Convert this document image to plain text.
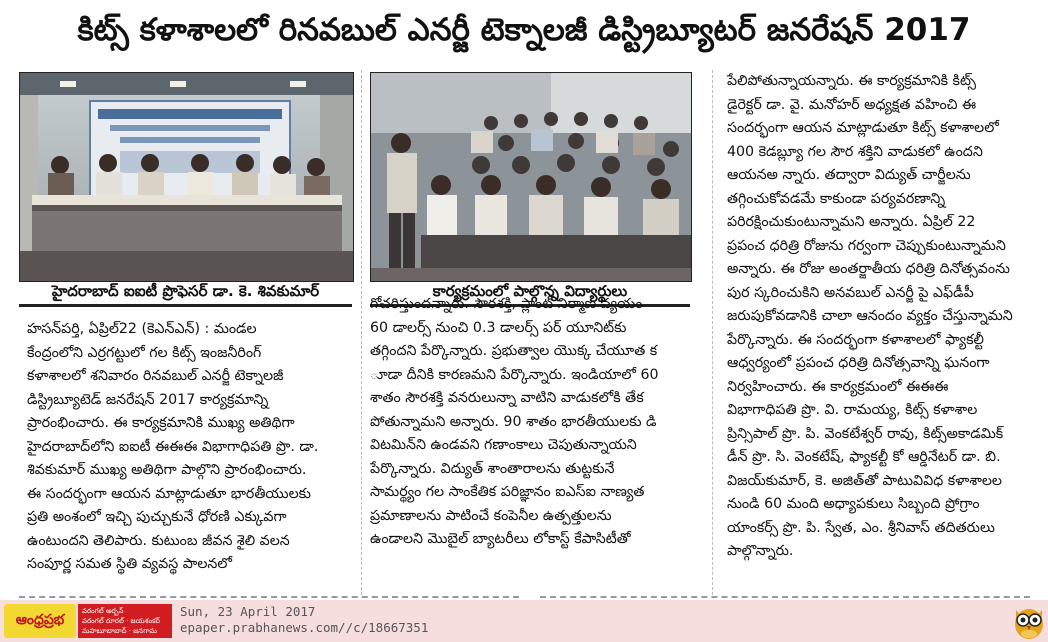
కిట్స్ కళాశాలలో రినవబుల్ ఎనర్జీ టెక్నాలజీ డిస్ట్రిబ్యూటర్ జనరేషన్ 2017
హైదరాబాద్ ఐఐటీ ప్రొఫెసర్ డా. కె. శివకుమార్	కార్యక్రమంలో పాల్గొన్న విద్యార్థులు
హసన్‌పర్తి, ఏప్రిల్22 (కెఎన్ఎన్) : మండల
కేంద్రంలోని ఎర్రగట్టులో గల కిట్స్ ఇంజనీరింగ్
కళాశాలలో శనివారం రినవబుల్ ఎనర్జీ టెక్నాలజీ
డిస్ట్రిబ్యూటెడ్ జనరేషన్ 2017 కార్యక్రమాన్ని
ప్రారంభించారు. ఈ కార్యక్రమానికి ముఖ్య అతిథిగా
హైదరాబాద్‌లోని ఐఐటీ ఈఈఈ విభాగాధిపతి ప్రొ. డా.
శివకుమార్ ముఖ్య అతిథిగా పాల్గొని ప్రారంభించారు.
ఈ సందర్భంగా ఆయన మాట్లాడుతూ భారతీయులకు
ప్రతి అంశంలో ఇచ్చి పుచ్చుకునే ధోరణి ఎక్కువగా
ఉంటుందని తెలిపారు. కుటుంబ జీవన శైలి వలన
సంపూర్ణ సమత స్థితి వ్యవస్థ పాలనలో
గోచరిస్తుందన్నారు. సౌరశక్తి, ప్లాంట్ నిర్మాణ వ్యయం
60 డాలర్స్ నుంచి 0.3 డాలర్స్ పర్ యూనిట్‌కు
తగ్గిందని పేర్కొన్నారు. ప్రభుత్వాల యొక్క చేయూత క
ూడా దీనికి కారణమని పేర్కొన్నారు. ఇండియాలో 60
శాతం సౌరశక్తి వనరులున్నా వాటిని వాడుకలోకి తేక
పోతున్నామని అన్నారు. 90 శాతం భారతీయులకు డి
విటమిన్‌ని ఉండవని గణాంకాలు చెపుతున్నాయని
పేర్కొన్నారు. విద్యుత్ శాంతారాలను తుట్టకునే
సామర్థ్యం గల సాంకేతిక పరిజ్ఞానం ఐఎస్ఐ నాణ్యత
ప్రమాణాలను పాటించే కంపెనీల ఉత్పత్తులను
ఉండాలని మొబైల్ బ్యాటరీలు లోకాస్ట్ కేపాసిటీతో
పేలిపోతున్నాయన్నారు. ఈ కార్యక్రమానికి కిట్స్
డైరెక్టర్ డా. వై. మనోహర్ అధ్యక్షత వహించి ఈ
సందర్భంగా ఆయన మాట్లాడుతూ కిట్స్ కళాశాలలో
400 కెడబ్ల్యూ గల సౌర శక్తిని వాడుకలో ఉందని
ఆయనఅ న్నారు. తద్వారా విద్యుత్ చార్జీలను
తగ్గించుకోవడమే కాకుండా పర్యవరణాన్ని
పరిరక్షించుకుంటున్నామని అన్నారు. ఏప్రిల్ 22
ప్రపంచ ధరిత్రి రోజును గర్వంగా చెప్పుకుంటున్నామని
అన్నారు. ఈ రోజు అంతర్జాతీయ ధరిత్రి దినోత్సవంను
పుర స్కరించుకిని అనవబుల్ ఎనర్జీ పై ఎఫ్‌డీపీ
జరుపుకోవడానికి చాలా ఆనందం వ్యక్తం చేస్తున్నామని
పేర్కొన్నారు. ఈ సందర్భంగా కళాశాలలో ఫ్యాకల్టీ
ఆధ్వర్యంలో ప్రపంచ ధరిత్రి దినోత్సవాన్ని ఘనంగా
నిర్వహించారు. ఈ కార్యక్రమంలో ఈఈఈ
విభాగాధిపతి ప్రొ. వి. రామయ్య, కిట్స్ కళాశాల
ప్రిన్సిపాల్ ప్రొ. పి. వెంకటేశ్వర్ రావు, కిట్స్అకాడమిక్
డీన్ ప్రొ. సి. వెంకటేష్, ఫ్యాకల్టీ కో ఆర్డినేటర్ డా. బి.
విజయ్‌కుమార్, కె. అజిత్‌తో పాటువివిధ కళాశాలల
నుండి 60 మంది అధ్యాపకులు సిబ్బంది ప్రోగ్రాం
యాంకర్స్ ప్రొ. పి. స్వేత, ఎం. శ్రీనివాస్ తదితరులు
పాల్గొన్నారు.
ఆంధ్రప్రభ
వరంగల్ అర్బన్
వరంగల్ రూరల్ · జయశంకర్
మహబూబాబాద్ · జనగామ
Sun, 23 April 2017
epaper.prabhanews.com//c/18667351
